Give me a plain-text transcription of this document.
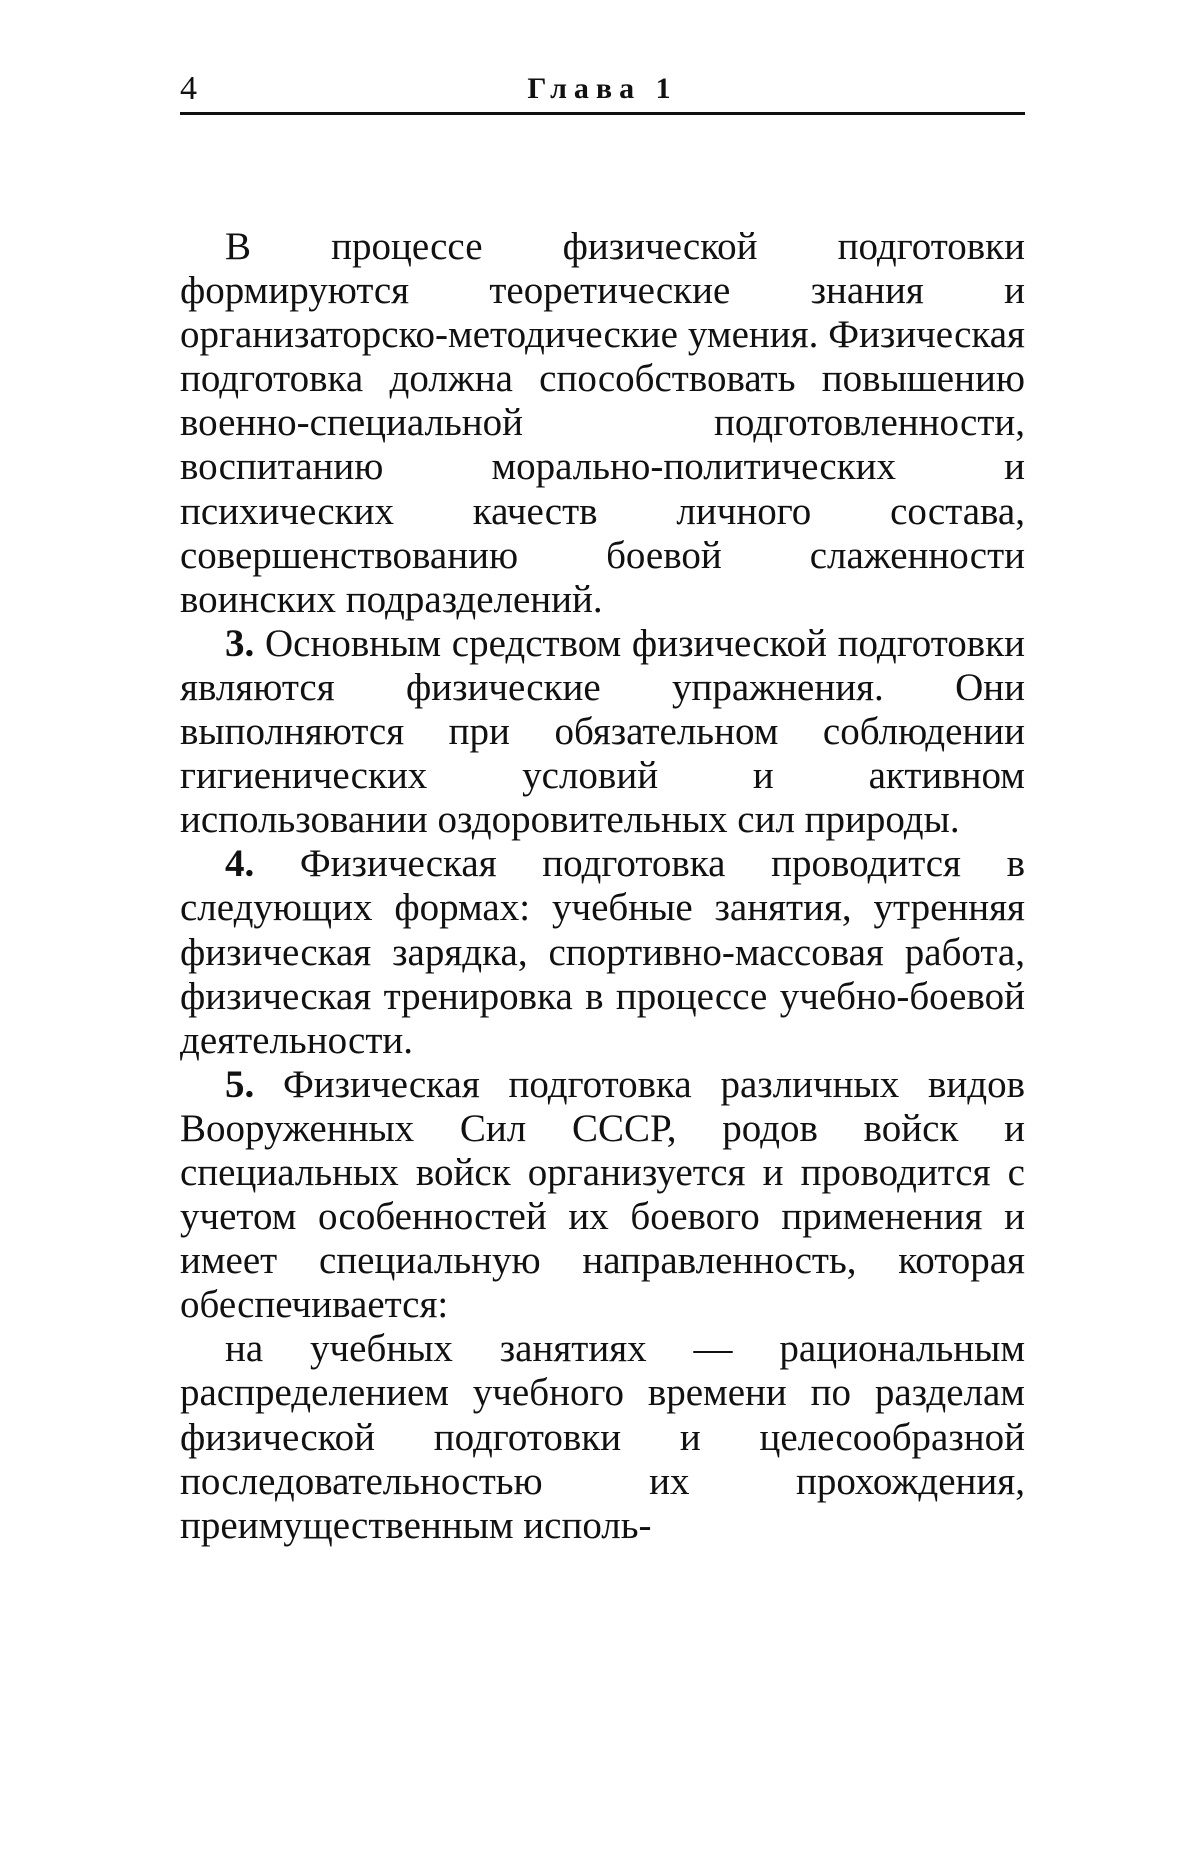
4	Глава 1

В процессе физической подготовки формируются теоретические знания и организаторско-методические умения. Физическая подготовка должна способствовать повышению военно-специальной подготовленности, воспитанию морально-политических и психических качеств личного состава, совершенствованию боевой слаженности воинских подразделений.

3. Основным средством физической подготовки являются физические упражнения. Они выполняются при обязательном соблюдении гигиенических условий и активном использовании оздоровительных сил природы.

4. Физическая подготовка проводится в следующих формах: учебные занятия, утренняя физическая зарядка, спортивно-массовая работа, физическая тренировка в процессе учебно-боевой деятельности.

5. Физическая подготовка различных видов Вооруженных Сил СССР, родов войск и специальных войск организуется и проводится с учетом особенностей их боевого применения и имеет специальную направленность, которая обеспечивается:

на учебных занятиях — рациональным распределением учебного времени по разделам физической подготовки и целесообразной последовательностью их прохождения, преимущественным исполь-
